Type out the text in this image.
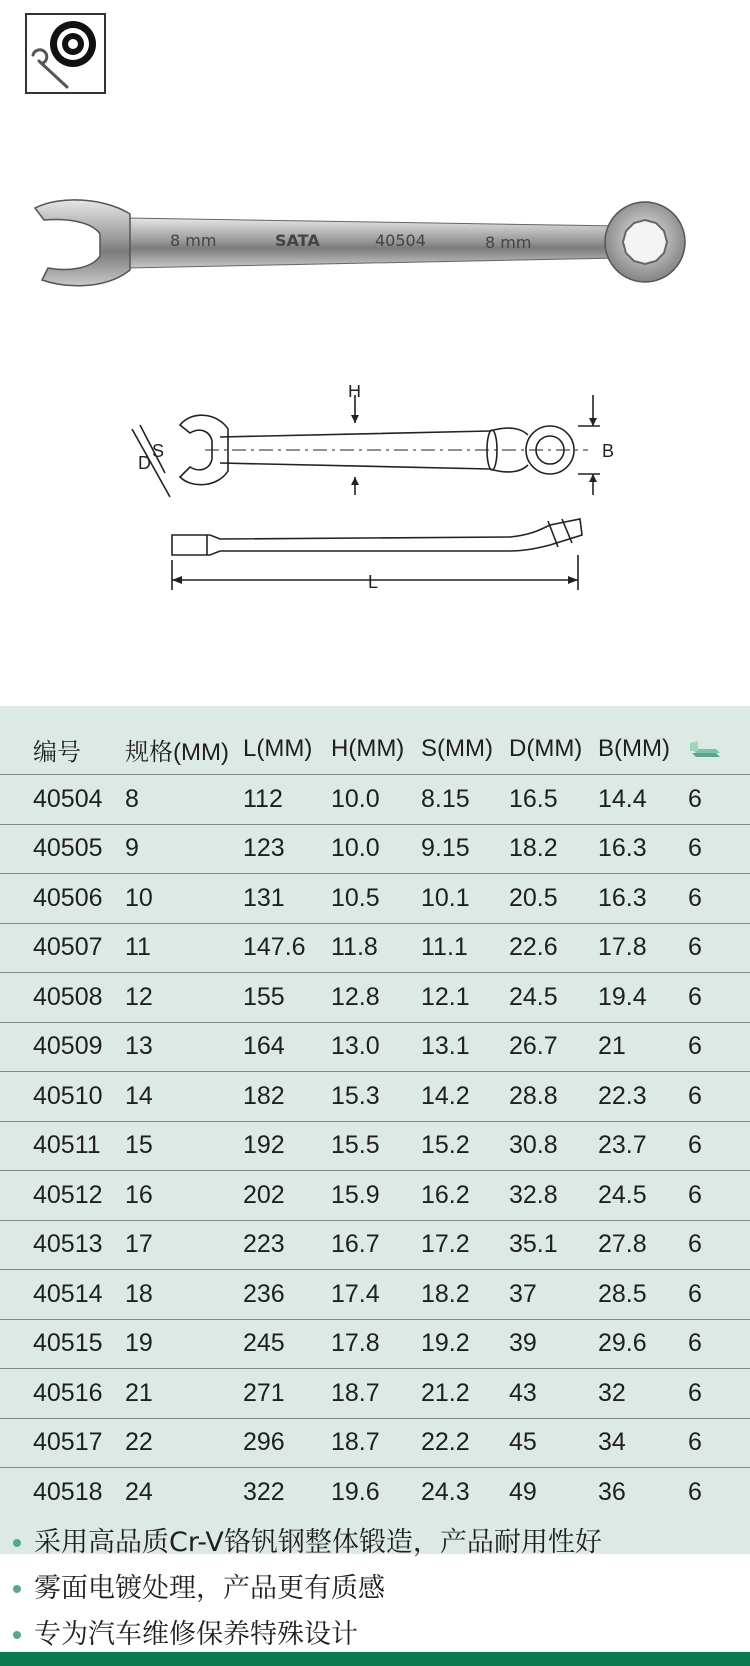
8 mm	SATA	40504	8 mm
H
B
D
S
L
	编号	规格(MM)	L(MM)	H(MM)	S(MM)	D(MM)	B(MM)	
	40504	8	112	10.0	8.15	16.5	14.4	6
	40505	9	123	10.0	9.15	18.2	16.3	6
	40506	10	131	10.5	10.1	20.5	16.3	6
	40507	11	147.6	11.8	11.1	22.6	17.8	6
	40508	12	155	12.8	12.1	24.5	19.4	6
	40509	13	164	13.0	13.1	26.7	21	6
	40510	14	182	15.3	14.2	28.8	22.3	6
	40511	15	192	15.5	15.2	30.8	23.7	6
	40512	16	202	15.9	16.2	32.8	24.5	6
	40513	17	223	16.7	17.2	35.1	27.8	6
	40514	18	236	17.4	18.2	37	28.5	6
	40515	19	245	17.8	19.2	39	29.6	6
	40516	21	271	18.7	21.2	43	32	6
	40517	22	296	18.7	22.2	45	34	6
	40518	24	322	19.6	24.3	49	36	6
采用高品质Cr-V铬钒钢整体锻造，产品耐用性好
雾面电镀处理，产品更有质感
专为汽车维修保养特殊设计
